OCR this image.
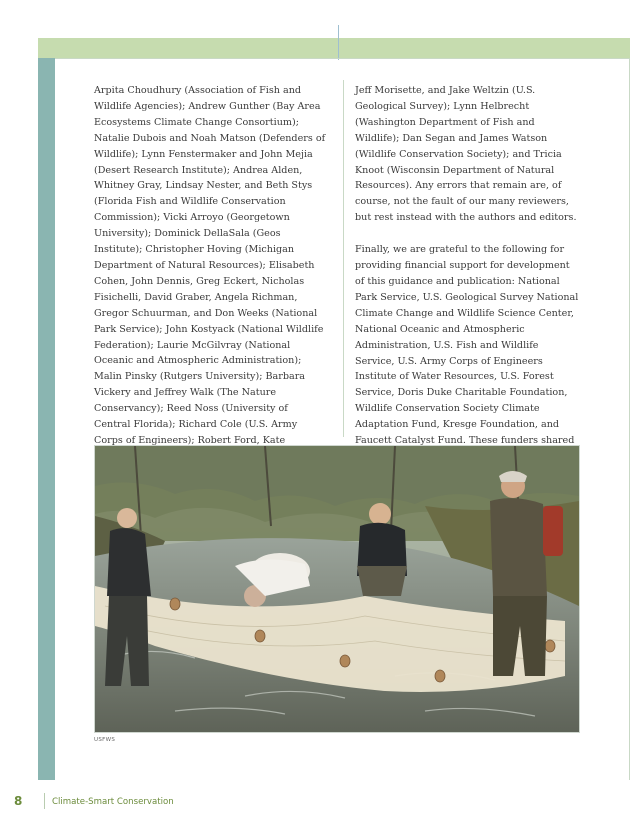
Arpita Choudhury (Association of Fish and Wildlife Agencies); Andrew Gunther (Bay Area Ecosystems Climate Change Consortium); Natalie Dubois and Noah Matson (Defenders of Wildlife); Lynn Fenstermaker and John Mejia (Desert Research Institute); Andrea Alden, Whitney Gray, Lindsay Nester, and Beth Stys (Florida Fish and Wildlife Conservation Commission); Vicki Arroyo (Georgetown University); Dominick DellaSala (Geos Institute); Christopher Hoving (Michigan Department of Natural Resources); Elisabeth Cohen, John Dennis, Greg Eckert, Nicholas Fisichelli, David Graber, Angela Richman, Gregor Schuurman, and Don Weeks (National Park Service); John Kostyack (National Wildlife Federation); Laurie McGilvray (National Oceanic and Atmospheric Administration); Malin Pinsky (Rutgers University); Barbara Vickery and Jeffrey Walk (The Nature Conservancy); Reed Noss (University of Central Florida); Richard Cole (U.S. Army Corps of Engineers); Robert Ford, Kate

Jeff Morisette, and Jake Weltzin (U.S. Geological Survey); Lynn Helbrecht (Washington Department of Fish and Wildlife); Dan Segan and James Watson (Wildlife Conservation Society); and Tricia Knoot (Wisconsin Department of Natural Resources). Any errors that remain are, of course, not the fault of our many reviewers, but rest instead with the authors and editors.

Finally, we are grateful to the following for providing financial support for development of this guidance and publication: National Park Service, U.S. Geological Survey National Climate Change and Wildlife Science Center, National Oceanic and Atmospheric Administration, U.S. Fish and Wildlife Service, U.S. Army Corps of Engineers Institute of Water Resources, U.S. Forest Service, Doris Duke Charitable Foundation, Wildlife Conservation Society Climate Adaptation Fund, Kresge Foundation, and Faucett Catalyst Fund. These funders shared

USFWS
8	Climate-Smart Conservation
